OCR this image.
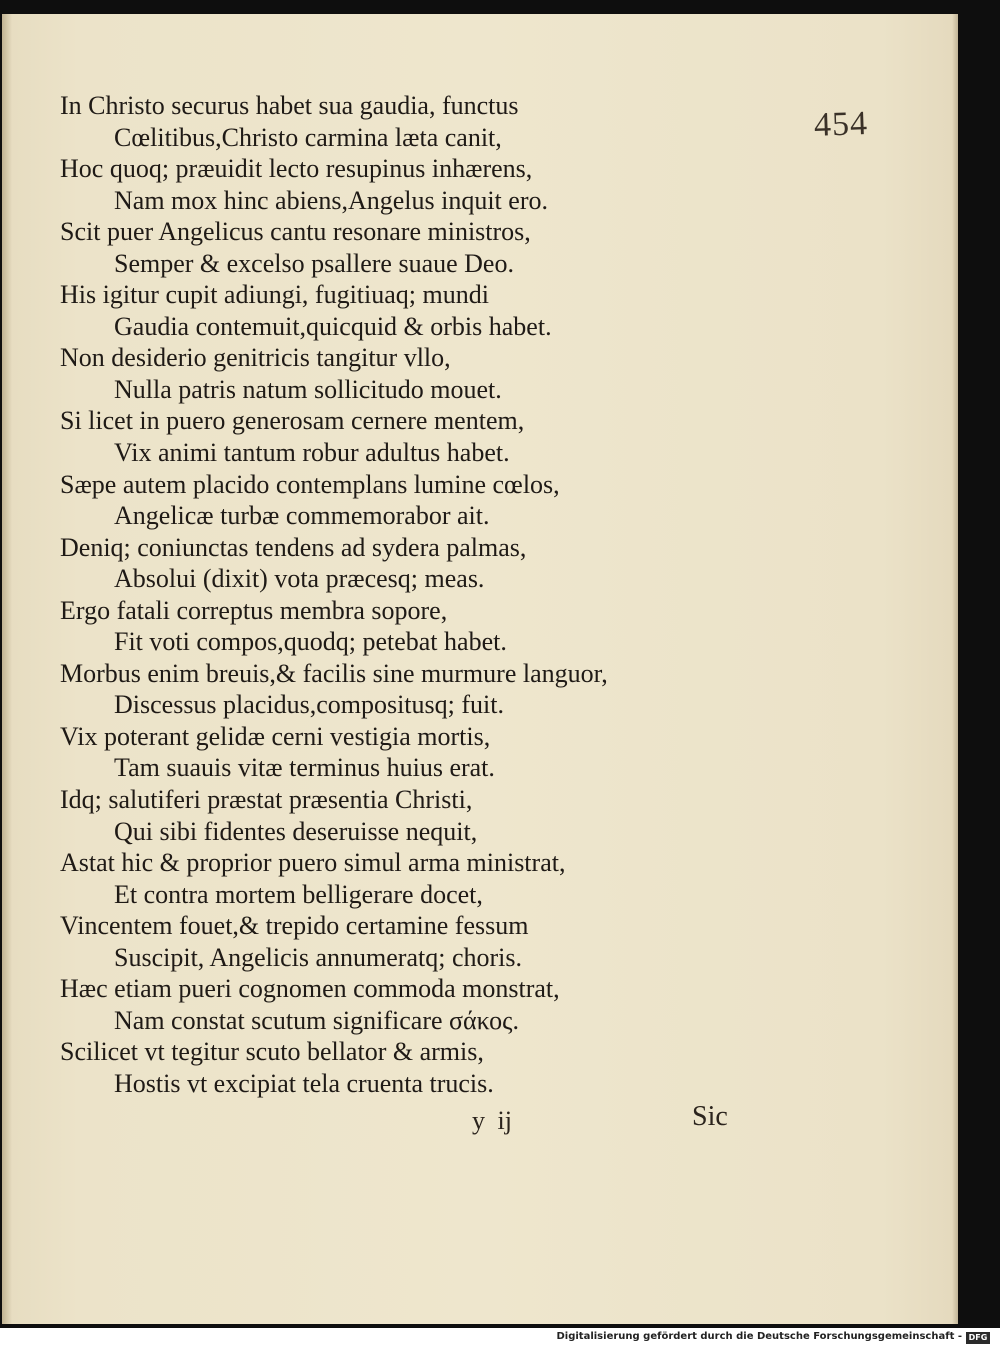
454
In Christo securus habet sua gaudia, functus
Cœlitibus,Christo carmina læta canit,
Hoc quoq; præuidit lecto resupinus inhærens,
Nam mox hinc abiens,Angelus inquit ero.
Scit puer Angelicus cantu resonare ministros,
Semper & excelso psallere suaue Deo.
His igitur cupit adiungi, fugitiuaq; mundi
Gaudia contemuit,quicquid & orbis habet.
Non desiderio genitricis tangitur vllo,
Nulla patris natum sollicitudo mouet.
Si licet in puero generosam cernere mentem,
Vix animi tantum robur adultus habet.
Sæpe autem placido contemplans lumine cœlos,
Angelicæ turbæ commemorabor ait.
Deniq; coniunctas tendens ad sydera palmas,
Absolui (dixit) vota præcesq; meas.
Ergo fatali correptus membra sopore,
Fit voti compos,quodq; petebat habet.
Morbus enim breuis,& facilis sine murmure languor,
Discessus placidus,compositusq; fuit.
Vix poterant gelidæ cerni vestigia mortis,
Tam suauis vitæ terminus huius erat.
Idq; salutiferi præstat præsentia Christi,
Qui sibi fidentes deseruisse nequit,
Astat hic & proprior puero simul arma ministrat,
Et contra mortem belligerare docet,
Vincentem fouet,& trepido certamine fessum
Suscipit, Angelicis annumeratq; choris.
Hæc etiam pueri cognomen commoda monstrat,
Nam constat scutum significare σάκος.
Scilicet vt tegitur scuto bellator & armis,
Hostis vt excipiat tela cruenta trucis.
y ij	Sic
Digitalisierung gefördert durch die Deutsche Forschungsgemeinschaft - DFG
